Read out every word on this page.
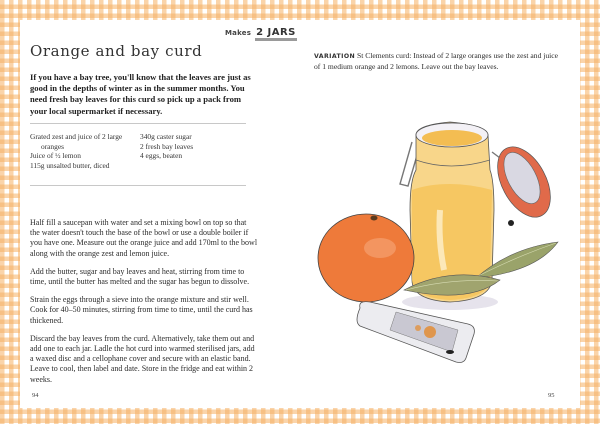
Makes 2 JARS
Orange and bay curd

If you have a bay tree, you'll know that the leaves are just as good in the depths of winter as in the summer months. You need fresh bay leaves for this curd so pick up a pack from your local supermarket if necessary.

Grated zest and juice of 2 large
oranges
Juice of ½ lemon
115g unsalted butter, diced
340g caster sugar
2 fresh bay leaves
4 eggs, beaten

Half fill a saucepan with water and set a mixing bowl on top so that the water doesn't touch the base of the bowl or use a double boiler if you have one. Measure out the orange juice and add 170ml to the bowl along with the orange zest and lemon juice.

Add the butter, sugar and bay leaves and heat, stirring from time to time, until the butter has melted and the sugar has begun to dissolve.

Strain the eggs through a sieve into the orange mixture and stir well. Cook for 40–50 minutes, stirring from time to time, until the curd has thickened.

Discard the bay leaves from the curd. Alternatively, take them out and add one to each jar. Ladle the hot curd into warmed sterilised jars, add a waxed disc and a cellophane cover and secure with an elastic band. Leave to cool, then label and date. Store in the fridge and eat within 2 weeks.

94

VARIATION St Clements curd: Instead of 2 large oranges use the zest and juice of 1 medium orange and 2 lemons. Leave out the bay leaves.

95
